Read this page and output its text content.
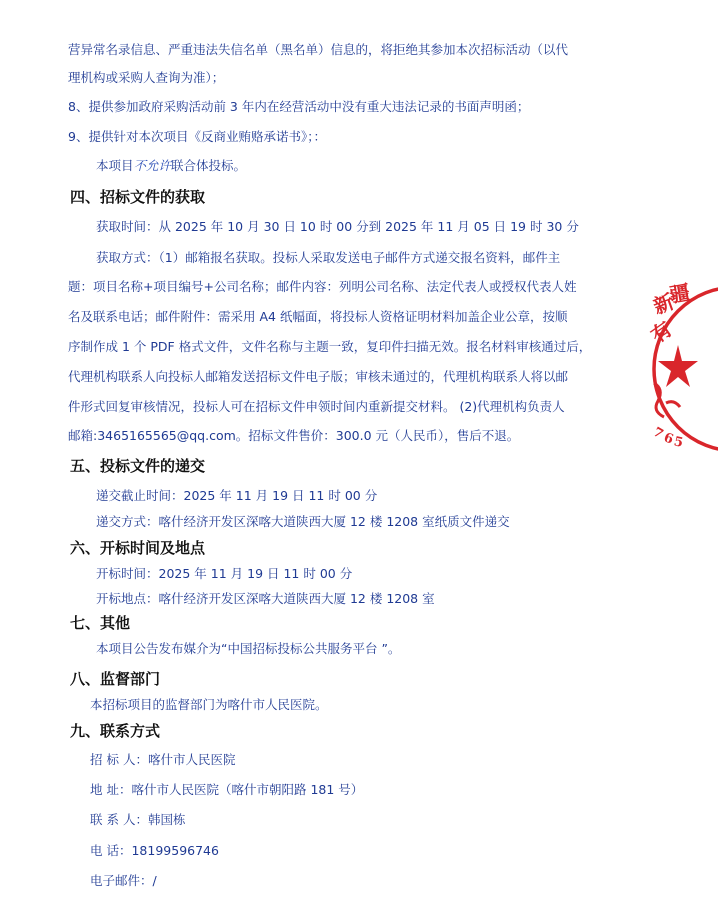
营异常名录信息、严重违法失信名单（黑名单）信息的，将拒绝其参加本次招标活动（以代
理机构或采购人查询为准）；
8、提供参加政府采购活动前 3 年内在经营活动中没有重大违法记录的书面声明函；
9、提供针对本次项目《反商业贿赂承诺书》；：
本项目不允许联合体投标。
四、招标文件的获取
获取时间：从 2025 年 10 月 30 日 10 时 00 分到 2025 年 11 月 05 日 19 时 30 分
获取方式：（1）邮箱报名获取。投标人采取发送电子邮件方式递交报名资料，邮件主
题：项目名称+项目编号+公司名称；邮件内容：列明公司名称、法定代表人或授权代表人姓
名及联系电话；邮件附件：需采用 A4 纸幅面，将投标人资格证明材料加盖企业公章，按顺
序制作成 1 个 PDF 格式文件，文件名称与主题一致，复印件扫描无效。报名材料审核通过后，
代理机构联系人向投标人邮箱发送招标文件电子版；审核未通过的，代理机构联系人将以邮
件形式回复审核情况，投标人可在招标文件申领时间内重新提交材料。 (2)代理机构负责人
邮箱:3465165565@qq.com。招标文件售价：300.0 元（人民币），售后不退。
五、投标文件的递交
递交截止时间：2025 年 11 月 19 日 11 时 00 分
递交方式：喀什经济开发区深喀大道陕西大厦 12 楼 1208 室纸质文件递交
六、开标时间及地点
开标时间：2025 年 11 月 19 日 11 时 00 分
开标地点：喀什经济开发区深喀大道陕西大厦 12 楼 1208 室
七、其他
本项目公告发布媒介为“中国招标投标公共服务平台 ”。
八、监督部门
本招标项目的监督部门为喀什市人民医院。
九、联系方式
招 标 人：喀什市人民医院
地 址：喀什市人民医院（喀什市朝阳路 181 号）
联 系 人：韩国栋
电 话：18199596746
电子邮件：/
新
疆
有
7
6
5
